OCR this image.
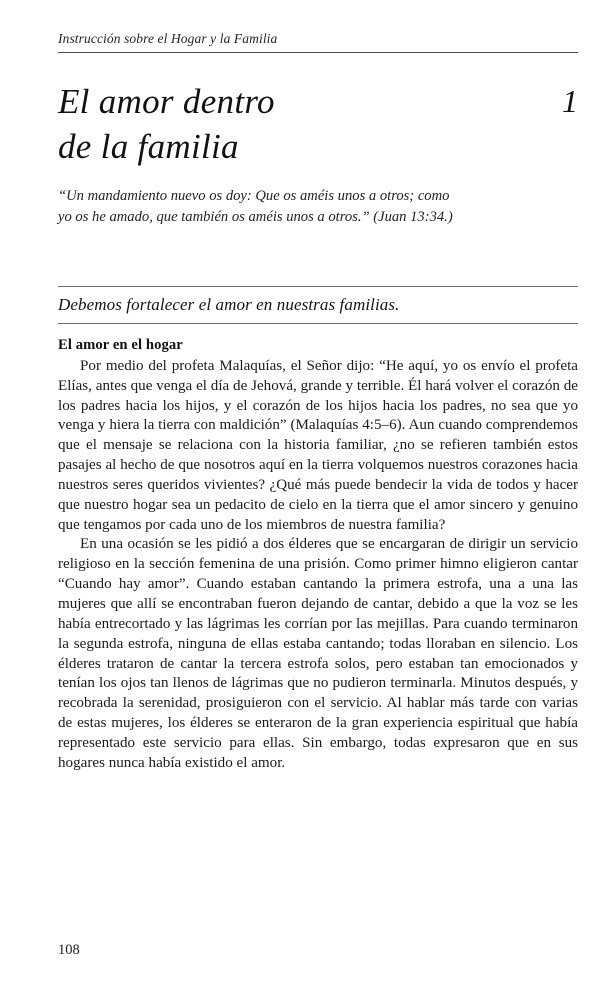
Instrucción sobre el Hogar y la Familia
El amor dentro
de la familia
1
“Un mandamiento nuevo os doy: Que os améis unos a otros; como yo os he amado, que también os améis unos a otros.” (Juan 13:34.)
Debemos fortalecer el amor en nuestras familias.
El amor en el hogar

Por medio del profeta Malaquías, el Señor dijo: “He aquí, yo os envío el profeta Elías, antes que venga el día de Jehová, grande y terrible. Él hará volver el corazón de los padres hacia los hijos, y el corazón de los hijos hacia los padres, no sea que yo venga y hiera la tierra con maldición” (Malaquías 4:5–6). Aun cuando comprendemos que el mensaje se relaciona con la historia familiar, ¿no se refieren también estos pasajes al hecho de que nosotros aquí en la tierra volquemos nuestros corazones hacia nuestros seres queridos vivientes? ¿Qué más puede bendecir la vida de todos y hacer que nuestro hogar sea un pedacito de cielo en la tierra que el amor sincero y genuino que tengamos por cada uno de los miembros de nuestra familia?

En una ocasión se les pidió a dos élderes que se encargaran de dirigir un servicio religioso en la sección femenina de una prisión. Como primer himno eligieron cantar “Cuando hay amor”. Cuando estaban cantando la primera estrofa, una a una las mujeres que allí se encontraban fueron dejando de cantar, debido a que la voz se les había entrecortado y las lágrimas les corrían por las mejillas. Para cuando terminaron la segunda estrofa, ninguna de ellas estaba cantando; todas lloraban en silencio. Los élderes trataron de cantar la tercera estrofa solos, pero estaban tan emocionados y tenían los ojos tan llenos de lágrimas que no pudieron terminarla. Minutos después, y recobrada la serenidad, prosiguieron con el servicio. Al hablar más tarde con varias de estas mujeres, los élderes se enteraron de la gran experiencia espiritual que había representado este servicio para ellas. Sin embargo, todas expresaron que en sus hogares nunca había existido el amor.

108
